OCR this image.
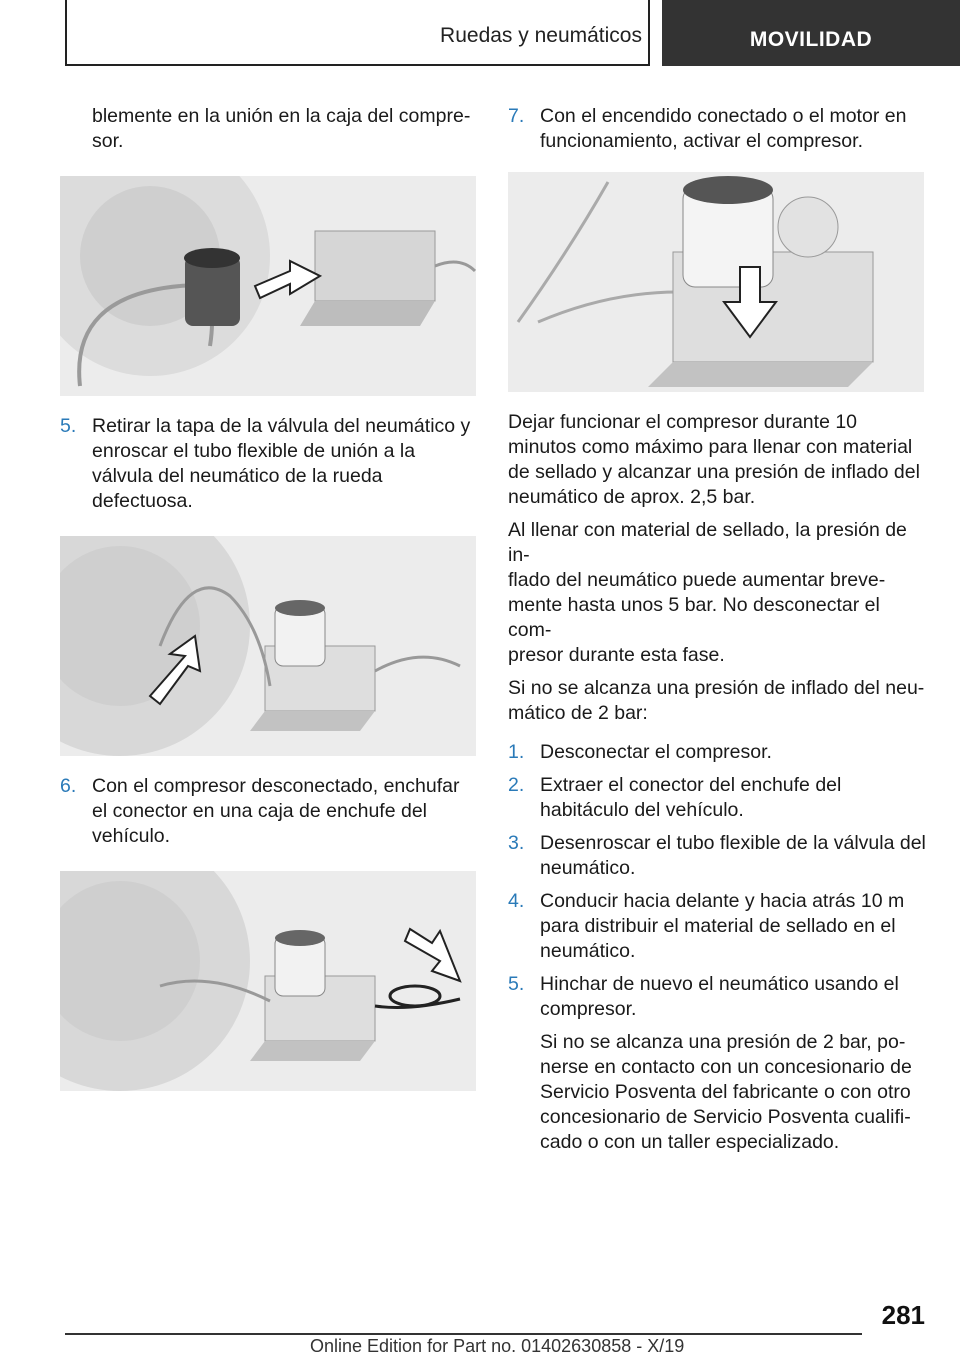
Ruedas y neumáticos	MOVILIDAD
blemente en la unión en la caja del compre-
sor.
5. Retirar la tapa de la válvula del neumático y enroscar el tubo flexible de unión a la válvula del neumático de la rueda defectuosa.
6. Con el compresor desconectado, enchufar el conector en una caja de enchufe del vehículo.
7. Con el encendido conectado o el motor en funcionamiento, activar el compresor.
Dejar funcionar el compresor durante 10 minutos como máximo para llenar con material de sellado y alcanzar una presión de inflado del neumático de aprox. 2,5 bar.
Al llenar con material de sellado, la presión de in-
flado del neumático puede aumentar breve-
mente hasta unos 5 bar. No desconectar el com-
presor durante esta fase.
Si no se alcanza una presión de inflado del neu-
mático de 2 bar:
1. Desconectar el compresor.
2. Extraer el conector del enchufe del habitáculo del vehículo.
3. Desenroscar el tubo flexible de la válvula del neumático.
4. Conducir hacia delante y hacia atrás 10 m para distribuir el material de sellado en el neumático.
5. Hinchar de nuevo el neumático usando el compresor.
Si no se alcanza una presión de 2 bar, po-
nerse en contacto con un concesionario de
Servicio Posventa del fabricante o con otro
concesionario de Servicio Posventa cualifi-
cado o con un taller especializado.
281
Online Edition for Part no. 01402630858 - X/19
